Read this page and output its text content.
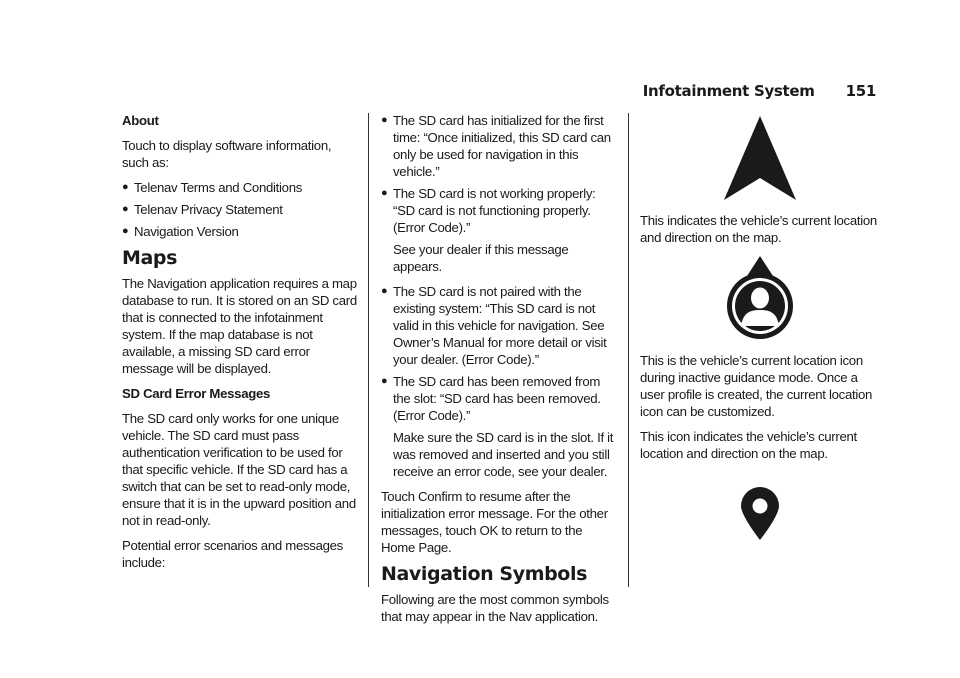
Infotainment System 151

About

Touch to display software information, such as:

● Telenav Terms and Conditions
● Telenav Privacy Statement
● Navigation Version
Maps

The Navigation application requires a map database to run. It is stored on an SD card that is connected to the infotainment system. If the map database is not available, a missing SD card error message will be displayed.

SD Card Error Messages

The SD card only works for one unique vehicle. The SD card must pass authentication verification to be used for that specific vehicle. If the SD card has a switch that can be set to read-only mode, ensure that it is in the upward position and not in read-only.

Potential error scenarios and messages include:

● The SD card has initialized for the first time: “Once initialized, this SD card can only be used for navigation in this vehicle.”
● The SD card is not working properly: “SD card is not functioning properly. (Error Code).”

See your dealer if this message appears.

● The SD card is not paired with the existing system: “This SD card is not valid in this vehicle for navigation. See Owner’s Manual for more detail or visit your dealer. (Error Code).”
● The SD card has been removed from the slot: “SD card has been removed. (Error Code).”

Make sure the SD card is in the slot. If it was removed and inserted and you still receive an error code, see your dealer.

Touch Confirm to resume after the initialization error message. For the other messages, touch OK to return to the Home Page.

Navigation Symbols

Following are the most common symbols that may appear in the Nav application.

This indicates the vehicle’s current location and direction on the map.

This is the vehicle’s current location icon during inactive guidance mode. Once a user profile is created, the current location icon can be customized.

This icon indicates the vehicle’s current location and direction on the map.
